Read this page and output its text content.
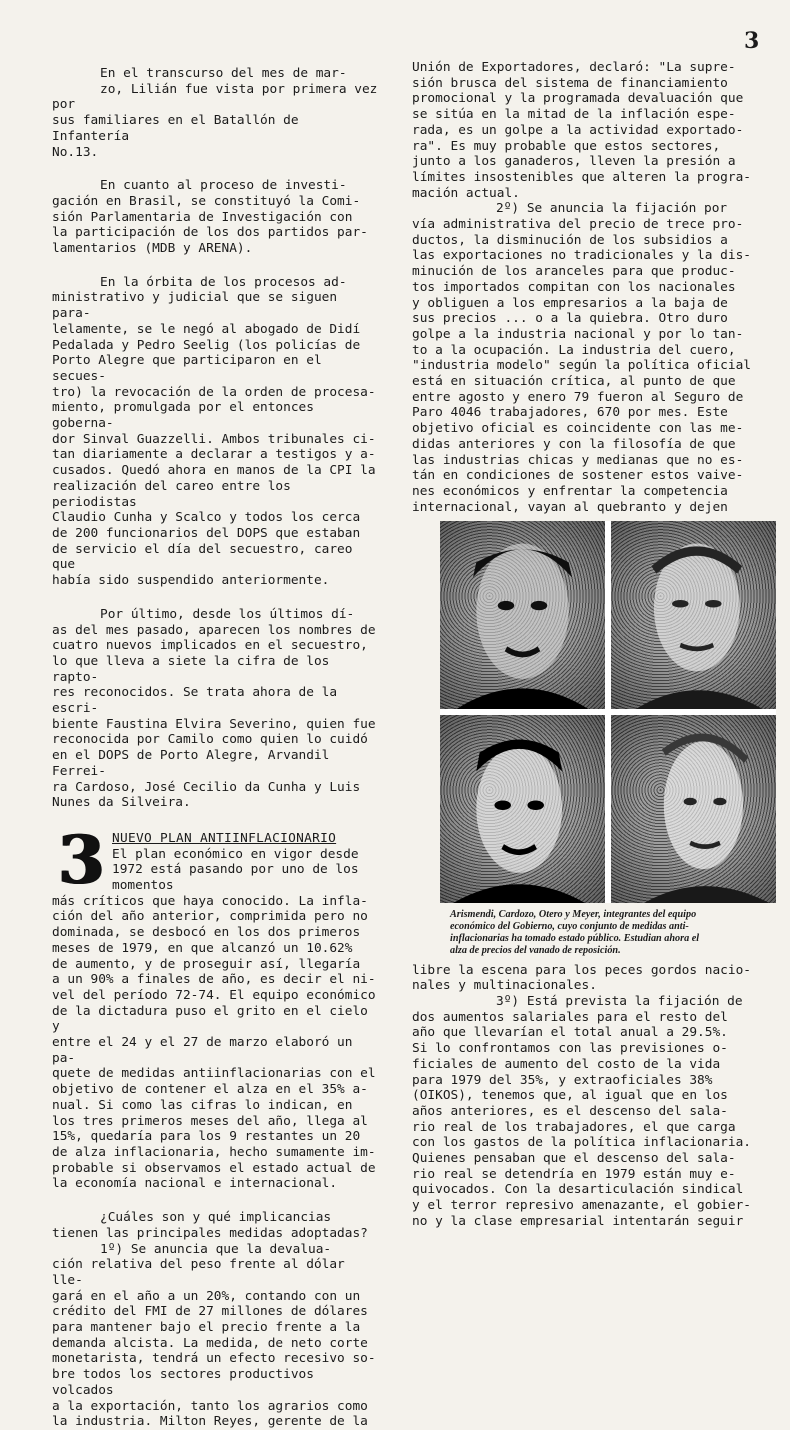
3

En el transcurso del mes de mar-

zo, Lilián fue vista por primera vez por

sus familiares en el Batallón de Infantería

No.13.

En cuanto al proceso de investi-

gación en Brasil, se constituyó la Comi-

sión Parlamentaria de Investigación con

la participación de los dos partidos par-

lamentarios (MDB y ARENA).

En la órbita de los procesos ad-

ministrativo y judicial que se siguen para-

lelamente, se le negó al abogado de Didí

Pedalada y Pedro Seelig (los policías de

Porto Alegre que participaron en el secues-

tro) la revocación de la orden de procesa-

miento, promulgada por el entonces goberna-

dor Sinval Guazzelli. Ambos tribunales ci-

tan diariamente a declarar a testigos y a-

cusados. Quedó ahora en manos de la CPI la

realización del careo entre los periodistas

Claudio Cunha y Scalco y todos los cerca

de 200 funcionarios del DOPS que estaban

de servicio el día del secuestro, careo que

había sido suspendido anteriormente.

Por último, desde los últimos dí-

as del mes pasado, aparecen los nombres de

cuatro nuevos implicados en el secuestro,

lo que lleva a siete la cifra de los rapto-

res reconocidos. Se trata ahora de la escri-

biente Faustina Elvira Severino, quien fue

reconocida por Camilo como quien lo cuidó

en el DOPS de Porto Alegre, Arvandil Ferrei-

ra Cardoso, José Cecilio da Cunha y Luis

Nunes da Silveira.

3 NUEVO PLAN ANTIINFLACIONARIO

El plan económico en vigor desde

1972 está pasando por uno de los momentos

más críticos que haya conocido. La infla-

ción del año anterior, comprimida pero no

dominada, se desbocó en los dos primeros

meses de 1979, en que alcanzó un 10.62%

de aumento, y de proseguir así, llegaría

a un 90% a finales de año, es decir el ni-

vel del período 72-74. El equipo económico

de la dictadura puso el grito en el cielo y

entre el 24 y el 27 de marzo elaboró un pa-

quete de medidas antiinflacionarias con el

objetivo de contener el alza en el 35% a-

nual. Si como las cifras lo indican, en

los tres primeros meses del año, llega al

15%, quedaría para los 9 restantes un 20

de alza inflacionaria, hecho sumamente im-

probable si observamos el estado actual de

la economía nacional e internacional.

¿Cuáles son y qué implicancias

tienen las principales medidas adoptadas?

1º) Se anuncia que la devalua-

ción relativa del peso frente al dólar lle-

gará en el año a un 20%, contando con un

crédito del FMI de 27 millones de dólares

para mantener bajo el precio frente a la

demanda alcista. La medida, de neto corte

monetarista, tendrá un efecto recesivo so-

bre todos los sectores productivos volcados

a la exportación, tanto los agrarios como

la industria. Milton Reyes, gerente de la

Unión de Exportadores, declaró: "La supre-

sión brusca del sistema de financiamiento

promocional y la programada devaluación que

se sitúa en la mitad de la inflación espe-

rada, es un golpe a la actividad exportado-

ra". Es muy probable que estos sectores,

junto a los ganaderos, lleven la presión a

límites insostenibles que alteren la progra-

mación actual.

2º) Se anuncia la fijación por

vía administrativa del precio de trece pro-

ductos, la disminución de los subsidios a

las exportaciones no tradicionales y la dis-

minución de los aranceles para que produc-

tos importados compitan con los nacionales

y obliguen a los empresarios a la baja de

sus precios ... o a la quiebra. Otro duro

golpe a la industria nacional y por lo tan-

to a la ocupación. La industria del cuero,

"industria modelo" según la política oficial

está en situación crítica, al punto de que

entre agosto y enero 79 fueron al Seguro de

Paro 4046 trabajadores, 670 por mes. Este

objetivo oficial es coincidente con las me-

didas anteriores y con la filosofía de que

las industrias chicas y medianas que no es-

tán en condiciones de sostener estos vaive-

nes económicos y enfrentar la competencia

internacional, vayan al quebranto y dejen

Arismendi, Cardozo, Otero y Meyer, integrantes del equipo
económico del Gobierno, cuyo conjunto de medidas anti-
inflacionarias ha tomado estado público. Estudian ahora el
alza de precios del vanado de reposición.

libre la escena para los peces gordos nacio-

nales y multinacionales.

3º) Está prevista la fijación de

dos aumentos salariales para el resto del

año que llevarían el total anual a 29.5%.

Si lo confrontamos con las previsiones o-

ficiales de aumento del costo de la vida

para 1979 del 35%, y extraoficiales 38%

(OIKOS), tenemos que, al igual que en los

años anteriores, es el descenso del sala-

rio real de los trabajadores, el que carga

con los gastos de la política inflacionaria.

Quienes pensaban que el descenso del sala-

rio real se detendría en 1979 están muy e-

quivocados. Con la desarticulación sindical

y el terror represivo amenazante, el gobier-

no y la clase empresarial intentarán seguir
